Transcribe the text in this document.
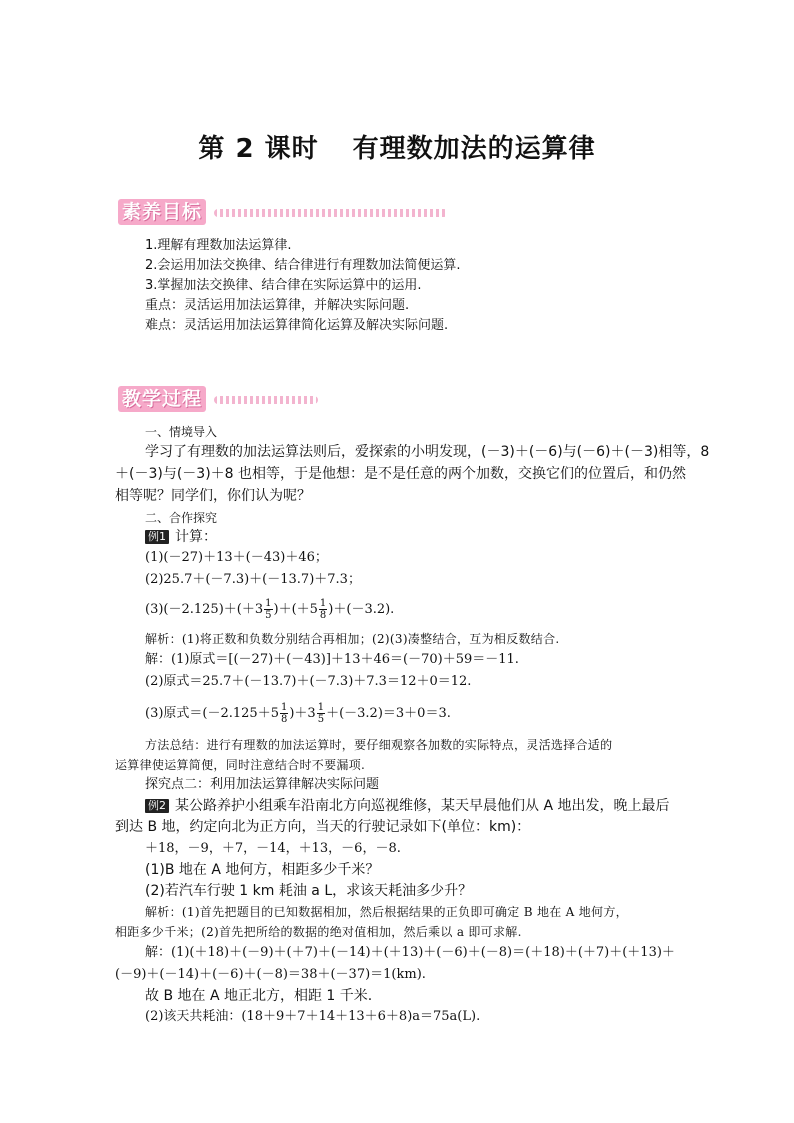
第 2 课时 有理数加法的运算律
素养目标
1.理解有理数加法运算律.
2.会运用加法交换律、结合律进行有理数加法简便运算.
3.掌握加法交换律、结合律在实际运算中的运用.
重点：灵活运用加法运算律，并解决实际问题.
难点：灵活运用加法运算律简化运算及解决实际问题.
教学过程
一、情境导入
学习了有理数的加法运算法则后，爱探索的小明发现，(－3)＋(－6)与(－6)＋(－3)相等，8
＋(－3)与(－3)＋8 也相等，于是他想：是不是任意的两个加数，交换它们的位置后，和仍然
相等呢？同学们，你们认为呢？
二、合作探究
例1 计算：
(1)(－27)＋13＋(－43)＋46；
(2)25.7＋(－7.3)＋(－13.7)＋7.3；
$(3)(-2.125)+(+3 \frac{1}{5} )+(+5 \frac{1}{8} )+(-3.2)$.
解析：(1)将正数和负数分别结合再相加；(2)(3)凑整结合，互为相反数结合.
解：(1)原式＝[(－27)＋(－43)]＋13＋46＝(－70)＋59＝－11.
(2)原式＝25.7＋(－13.7)＋(－7.3)＋7.3＝12＋0＝12.
(3)原式$=(-2.125+5 \frac{1}{8} )+3 \frac{1}{5} +(-3.2)=3+0=3$.
方法总结：进行有理数的加法运算时，要仔细观察各加数的实际特点，灵活选择合适的
运算律使运算简便，同时注意结合时不要漏项.
探究点二：利用加法运算律解决实际问题
例2 某公路养护小组乘车沿南北方向巡视维修，某天早晨他们从 A 地出发，晚上最后
到达 B 地，约定向北为正方向，当天的行驶记录如下(单位：km)：
＋18，－9，＋7，－14，＋13，－6，－8.
(1)B 地在 A 地何方，相距多少千米？
(2)若汽车行驶 1 km 耗油 a L，求该天耗油多少升？
解析：(1)首先把题目的已知数据相加，然后根据结果的正负即可确定 B 地在 A 地何方，
相距多少千米；(2)首先把所给的数据的绝对值相加，然后乘以 a 即可求解.
解：(1)(＋18)＋(－9)＋(＋7)＋(－14)＋(＋13)＋(－6)＋(－8)＝(＋18)＋(＋7)＋(＋13)＋
(－9)＋(－14)＋(－6)＋(－8)＝38＋(－37)＝1(km).
故 B 地在 A 地正北方，相距 1 千米.
(2)该天共耗油：(18＋9＋7＋14＋13＋6＋8)a＝75a(L).
